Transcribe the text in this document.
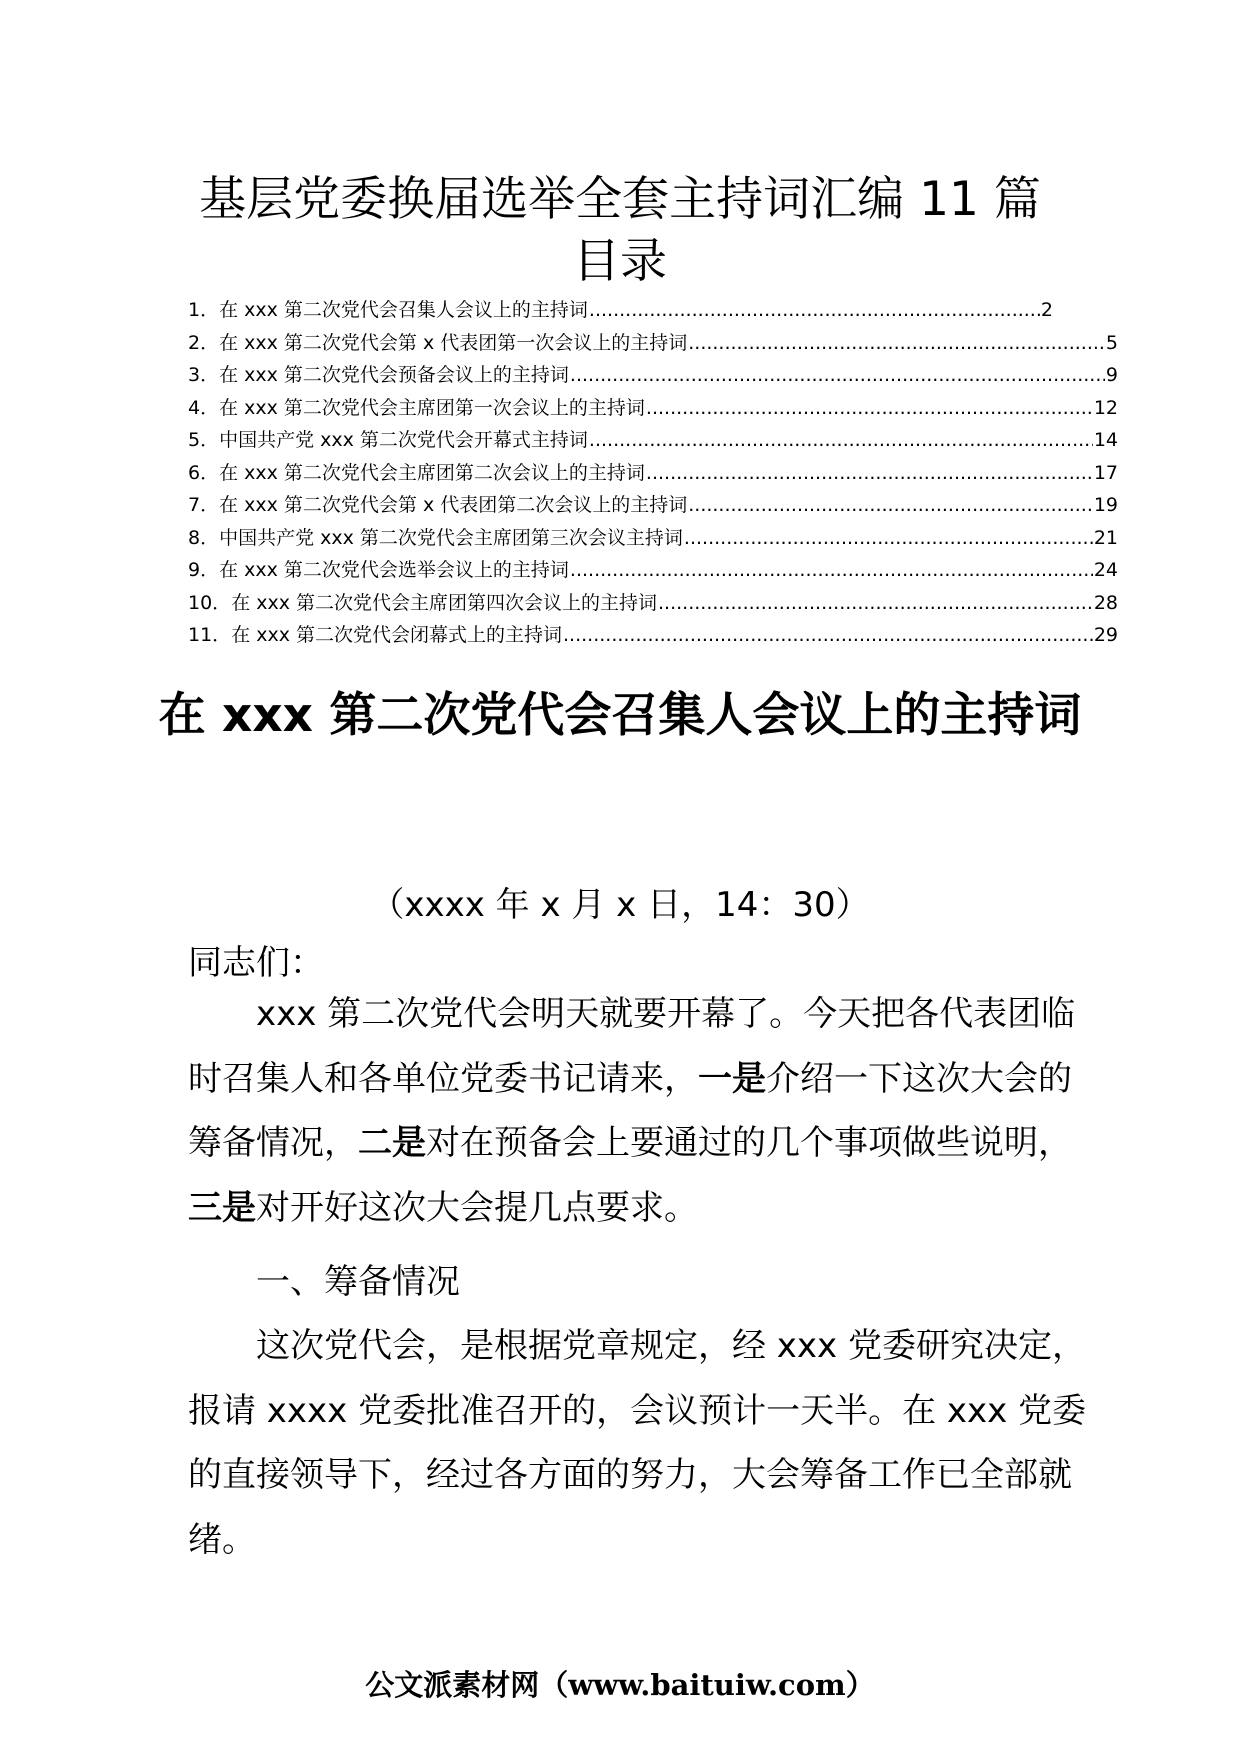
基层党委换届选举全套主持词汇编 11 篇
目录
1． 在 xxx 第二次党代会召集人会议上的主持词 .....	2
2． 在 xxx 第二次党代会第 x 代表团第一次会议上的主持词 .....	5
3． 在 xxx 第二次党代会预备会议上的主持词 .....	9
4． 在 xxx 第二次党代会主席团第一次会议上的主持词 .....	12
5． 中国共产党 xxx 第二次党代会开幕式主持词 .....	14
6． 在 xxx 第二次党代会主席团第二次会议上的主持词 .....	17
7． 在 xxx 第二次党代会第 x 代表团第二次会议上的主持词 .....	19
8． 中国共产党 xxx 第二次党代会主席团第三次会议主持词 .....	21
9． 在 xxx 第二次党代会选举会议上的主持词 .....	24
10． 在 xxx 第二次党代会主席团第四次会议上的主持词 .....	28
11． 在 xxx 第二次党代会闭幕式上的主持词 .....	29
在 xxx 第二次党代会召集人会议上的主持词

（xxxx 年 x 月 x 日，14：30）

同志们：

xxx 第二次党代会明天就要开幕了。今天把各代表团临时召集人和各单位党委书记请来，一是介绍一下这次大会的筹备情况，二是对在预备会上要通过的几个事项做些说明，三是对开好这次大会提几点要求。

一、筹备情况

这次党代会，是根据党章规定，经 xxx 党委研究决定，报请 xxxx 党委批准召开的，会议预计一天半。在 xxx 党委的直接领导下，经过各方面的努力，大会筹备工作已全部就绪。

公文派素材网（www.baituiw.com）
